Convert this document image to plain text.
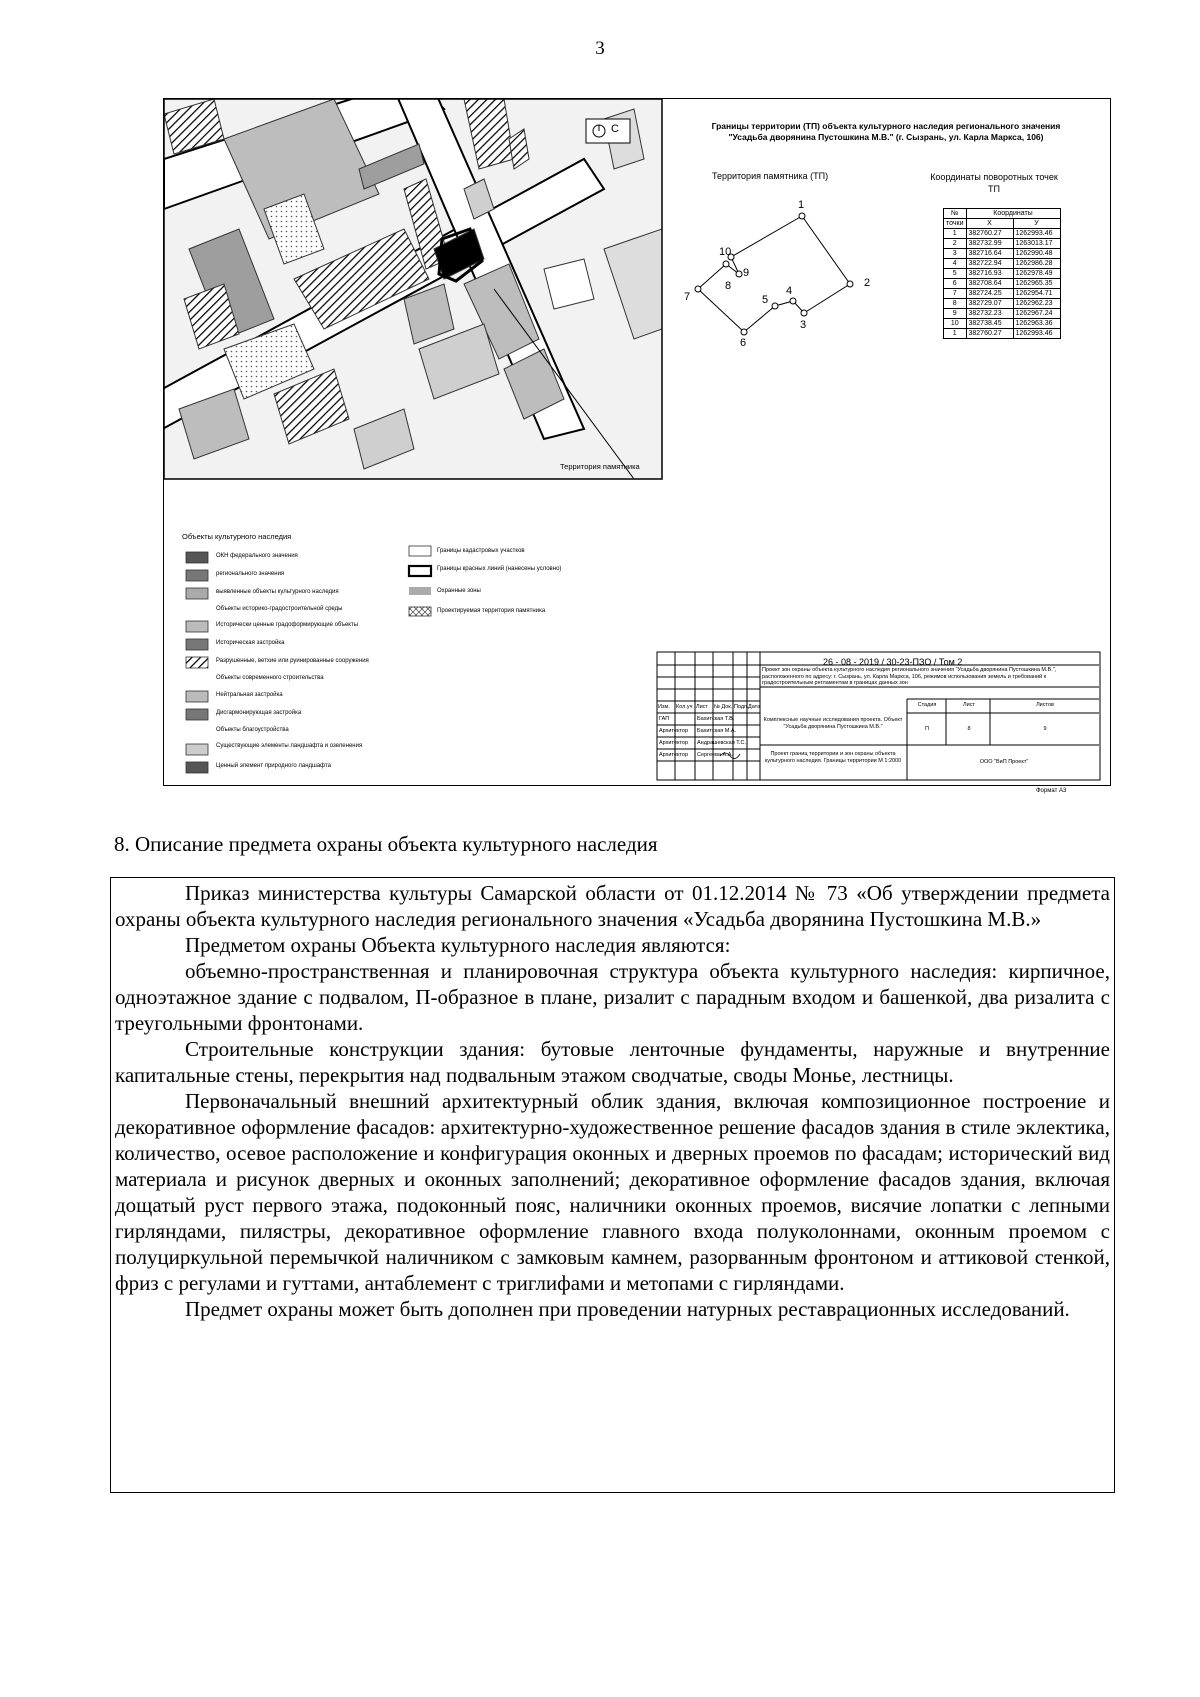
3
Границы территории (ТП) объекта культурного наследия регионального значения
"Усадьба дворянина Пустошкина М.В." (г. Сызрань, ул. Карла Маркса, 106)
Территория памятника (ТП)	Координаты поворотных точек ТП
Территория памятника
С
1
2
3
4
5
6
7
8
9
10
№	Координаты	
точки	X	У
1	382760.27	1262993.46
2	382732.99	1263013.17
3	382716.64	1262990.48
4	382722.94	1262986.28
5	382716.93	1262978.49
6	382708.64	1262965.35
7	382724.25	1262954.71
8	382729.07	1262962.23
9	382732.23	1262967.24
10	382738.45	1262963.36
1	382760.27	1262993.46
Объекты культурного наследия
ОКН федерального значения
регионального значения
выявленные объекты культурного наследия
Объекты историко-градостроительной среды
Исторически ценные градоформирующие объекты
Историческая застройка
Разрушенные, ветхие или руинированные сооружения
Объекты современного строительства
Нейтральная застройка
Дисгармонирующая застройка
Объекты благоустройства
Существующие элементы ландшафта и озеленения
Ценный элемент природного ландшафта
Границы кадастровых участков
Границы красных линий (нанесены условно)
Охранные зоны
Проектируемая территория памятника
26 - 08 - 2019 / 30-23-ПЗО / Том 2
Изм. Кол.уч Лист № Док. Подп. Дата
ГАП	Бахитская Т.В.
Архитектор Бахитская М.А.
Архитектор Андрашевская Т.С.
Архитектор Сергеева А.А.
Проект зон охраны объекта культурного наследия регионального значения "Усадьба дворянина Пустошкина М.В.", расположенного по адресу: г. Сызрань, ул. Карла Маркса, 106, режимов использования земель и требований к градостроительным регламентам в границах данных зон
Комплексные научные исследования проекта. Объект "Усадьба дворянина Пустошкина М.В."
Стадия	Лист	Листов
П	8	9
Проект границ территории и зон охраны объекта культурного наследия. Границы территории М 1:2000	ООО "ВиП Проект"
Формат А3
8. Описание предмета охраны объекта культурного наследия

Приказ министерства культуры Самарской области от 01.12.2014 № 73 «Об утверждении предмета охраны объекта культурного наследия регионального значения «Усадьба дворянина Пустошкина М.В.»

Предметом охраны Объекта культурного наследия являются:

объемно-пространственная и планировочная структура объекта культурного наследия: кирпичное, одноэтажное здание с подвалом, П-образное в плане, ризалит с парадным входом и башенкой, два ризалита с треугольными фронтонами.

Строительные конструкции здания: бутовые ленточные фундаменты, наружные и внутренние капитальные стены, перекрытия над подвальным этажом сводчатые, своды Монье, лестницы.

Первоначальный внешний архитектурный облик здания, включая композиционное построение и декоративное оформление фасадов: архитектурно-художественное решение фасадов здания в стиле эклектика, количество, осевое расположение и конфигурация оконных и дверных проемов по фасадам; исторический вид материала и рисунок дверных и оконных заполнений; декоративное оформление фасадов здания, включая дощатый руст первого этажа, подоконный пояс, наличники оконных проемов, висячие лопатки с лепными гирляндами, пилястры, декоративное оформление главного входа полуколоннами, оконным проемом с полуциркульной перемычкой наличником с замковым камнем, разорванным фронтоном и аттиковой стенкой, фриз с регулами и гуттами, антаблемент с триглифами и метопами с гирляндами.

Предмет охраны может быть дополнен при проведении натурных реставрационных исследований.
